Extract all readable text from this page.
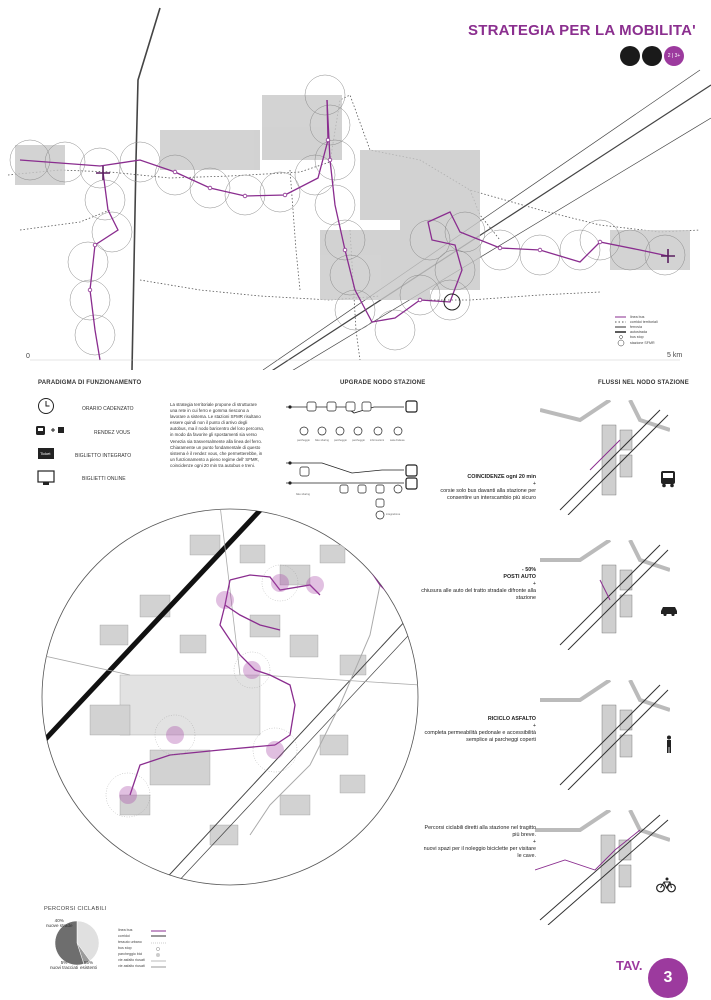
STRATEGIA PER LA MOBILITA'
2 | 3+
linea bus
corridoi territoriali
ferrovia
autostrada
bus stop
stazione SFMR
0	5 km
PARADIGMA DI FUNZIONAMENTO	UPGRADE NODO STAZIONE	FLUSSI NEL NODO STAZIONE
Ticket
ORARIO CADENZATO
RENDEZ VOUS
BIGLIETTO INTEGRATO
BIGLIETTI ONLINE
La strategia territoriale propone di strutturare una rete in cui ferro e gomma riescono a lavorare a sistema. Le stazioni SFMR risultano essere quindi non il punto di arrivo degli autobus, ma il nodo baricentro del loro percorso, in modo da favorire gli spostamenti sia verso Venezia sia trasversalmente alla linea del ferro. Chiaramente un punto fondamentale di questo sistema è il rendez vous, che permetterebbe, in un funzionamento a pieno regime dell' SFMR, coincidenze ogni 20 min tra autobus e treni.
parcheggio bike sharing parcheggio parcheggio informazioni sala d'attesa
bike sharing
integrazione
COINCIDENZE ogni 20 min
+
corsie solo bus davanti alla stazione per consentire un interscambio più sicuro
- 50%
POSTI AUTO
+
chiusura alle auto del tratto stradale difronte alla stazione
RICICLO ASFALTO
+
completa permeabilità pedonale e accessibilità semplice ai parcheggi coperti
Percorsi ciclabili diretti alla stazione nel tragitto più breve.
+
nuovi spazi per il noleggio biciclette per visitare le cave.
PERCORSI CICLABILI
40%
nuove strade
5%
nuovi tracciati
55%
esistenti
linea bus
corridoi
tessuto urbano
bus stop
parcheggio bici
vie asfalto riusati
vie asfalto riusati	TAV.
3
